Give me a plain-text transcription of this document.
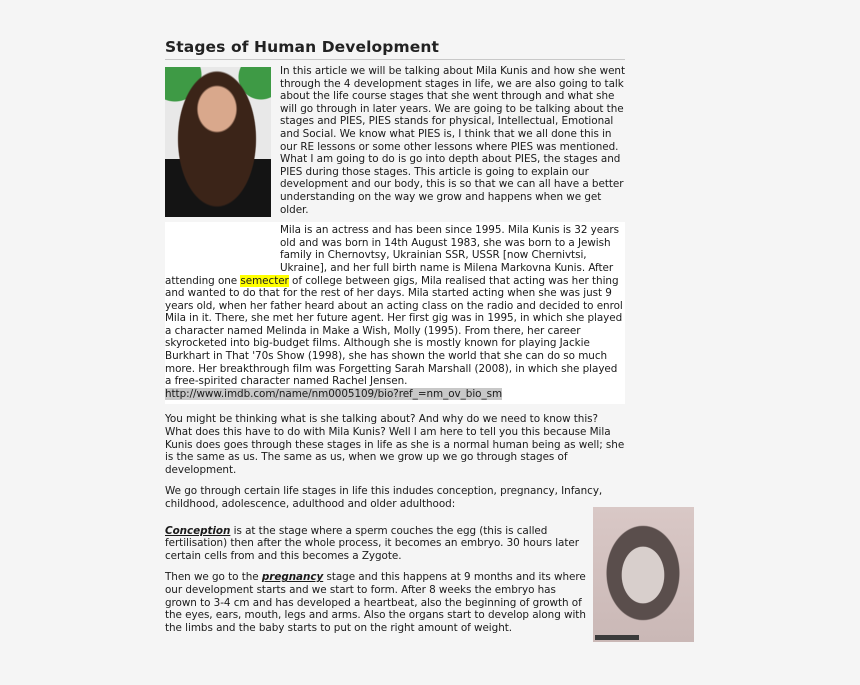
Stages of Human Development

In this article we will be talking about Mila Kunis and how she went through the 4 development stages in life, we are also going to talk about the life course stages that she went through and what she will go through in later years. We are going to be talking about the stages and PIES, PIES stands for physical, Intellectual, Emotional and Social. We know what PIES is, I think that we all done this in our RE lessons or some other lessons where PIES was mentioned. What I am going to do is go into depth about PIES, the stages and PIES during those stages. This article is going to explain our development and our body, this is so that we can all have a better understanding on the way we grow and happens when we get older.

Mila is an actress and has been since 1995. Mila Kunis is 32 years old and was born in 14th August 1983, she was born to a Jewish family in Chernovtsy, Ukrainian SSR, USSR [now Chernivtsi, Ukraine], and her full birth name is Milena Markovna Kunis. After attending one semecter of college between gigs, Mila realised that acting was her thing and wanted to do that for the rest of her days. Mila started acting when she was just 9 years old, when her father heard about an acting class on the radio and decided to enrol Mila in it. There, she met her future agent. Her first gig was in 1995, in which she played a character named Melinda in Make a Wish, Molly (1995). From there, her career skyrocketed into big-budget films. Although she is mostly known for playing Jackie Burkhart in That '70s Show (1998), she has shown the world that she can do so much more. Her breakthrough film was Forgetting Sarah Marshall (2008), in which she played a free-spirited character named Rachel Jensen. http://www.imdb.com/name/nm0005109/bio?ref_=nm_ov_bio_sm

You might be thinking what is she talking about? And why do we need to know this? What does this have to do with Mila Kunis? Well I am here to tell you this because Mila Kunis does goes through these stages in life as she is a normal human being as well; she is the same as us. The same as us, when we grow up we go through stages of development.

We go through certain life stages in life this indudes conception, pregnancy, Infancy, childhood, adolescence, adulthood and older adulthood:

Conception is at the stage where a sperm couches the egg (this is called fertilisation) then after the whole process, it becomes an embryo. 30 hours later certain cells from and this becomes a Zygote.

Then we go to the pregnancy stage and this happens at 9 months and its where our development starts and we start to form. After 8 weeks the embryo has grown to 3-4 cm and has developed a heartbeat, also the beginning of growth of the eyes, ears, mouth, legs and arms. Also the organs start to develop along with the limbs and the baby starts to put on the right amount of weight.
